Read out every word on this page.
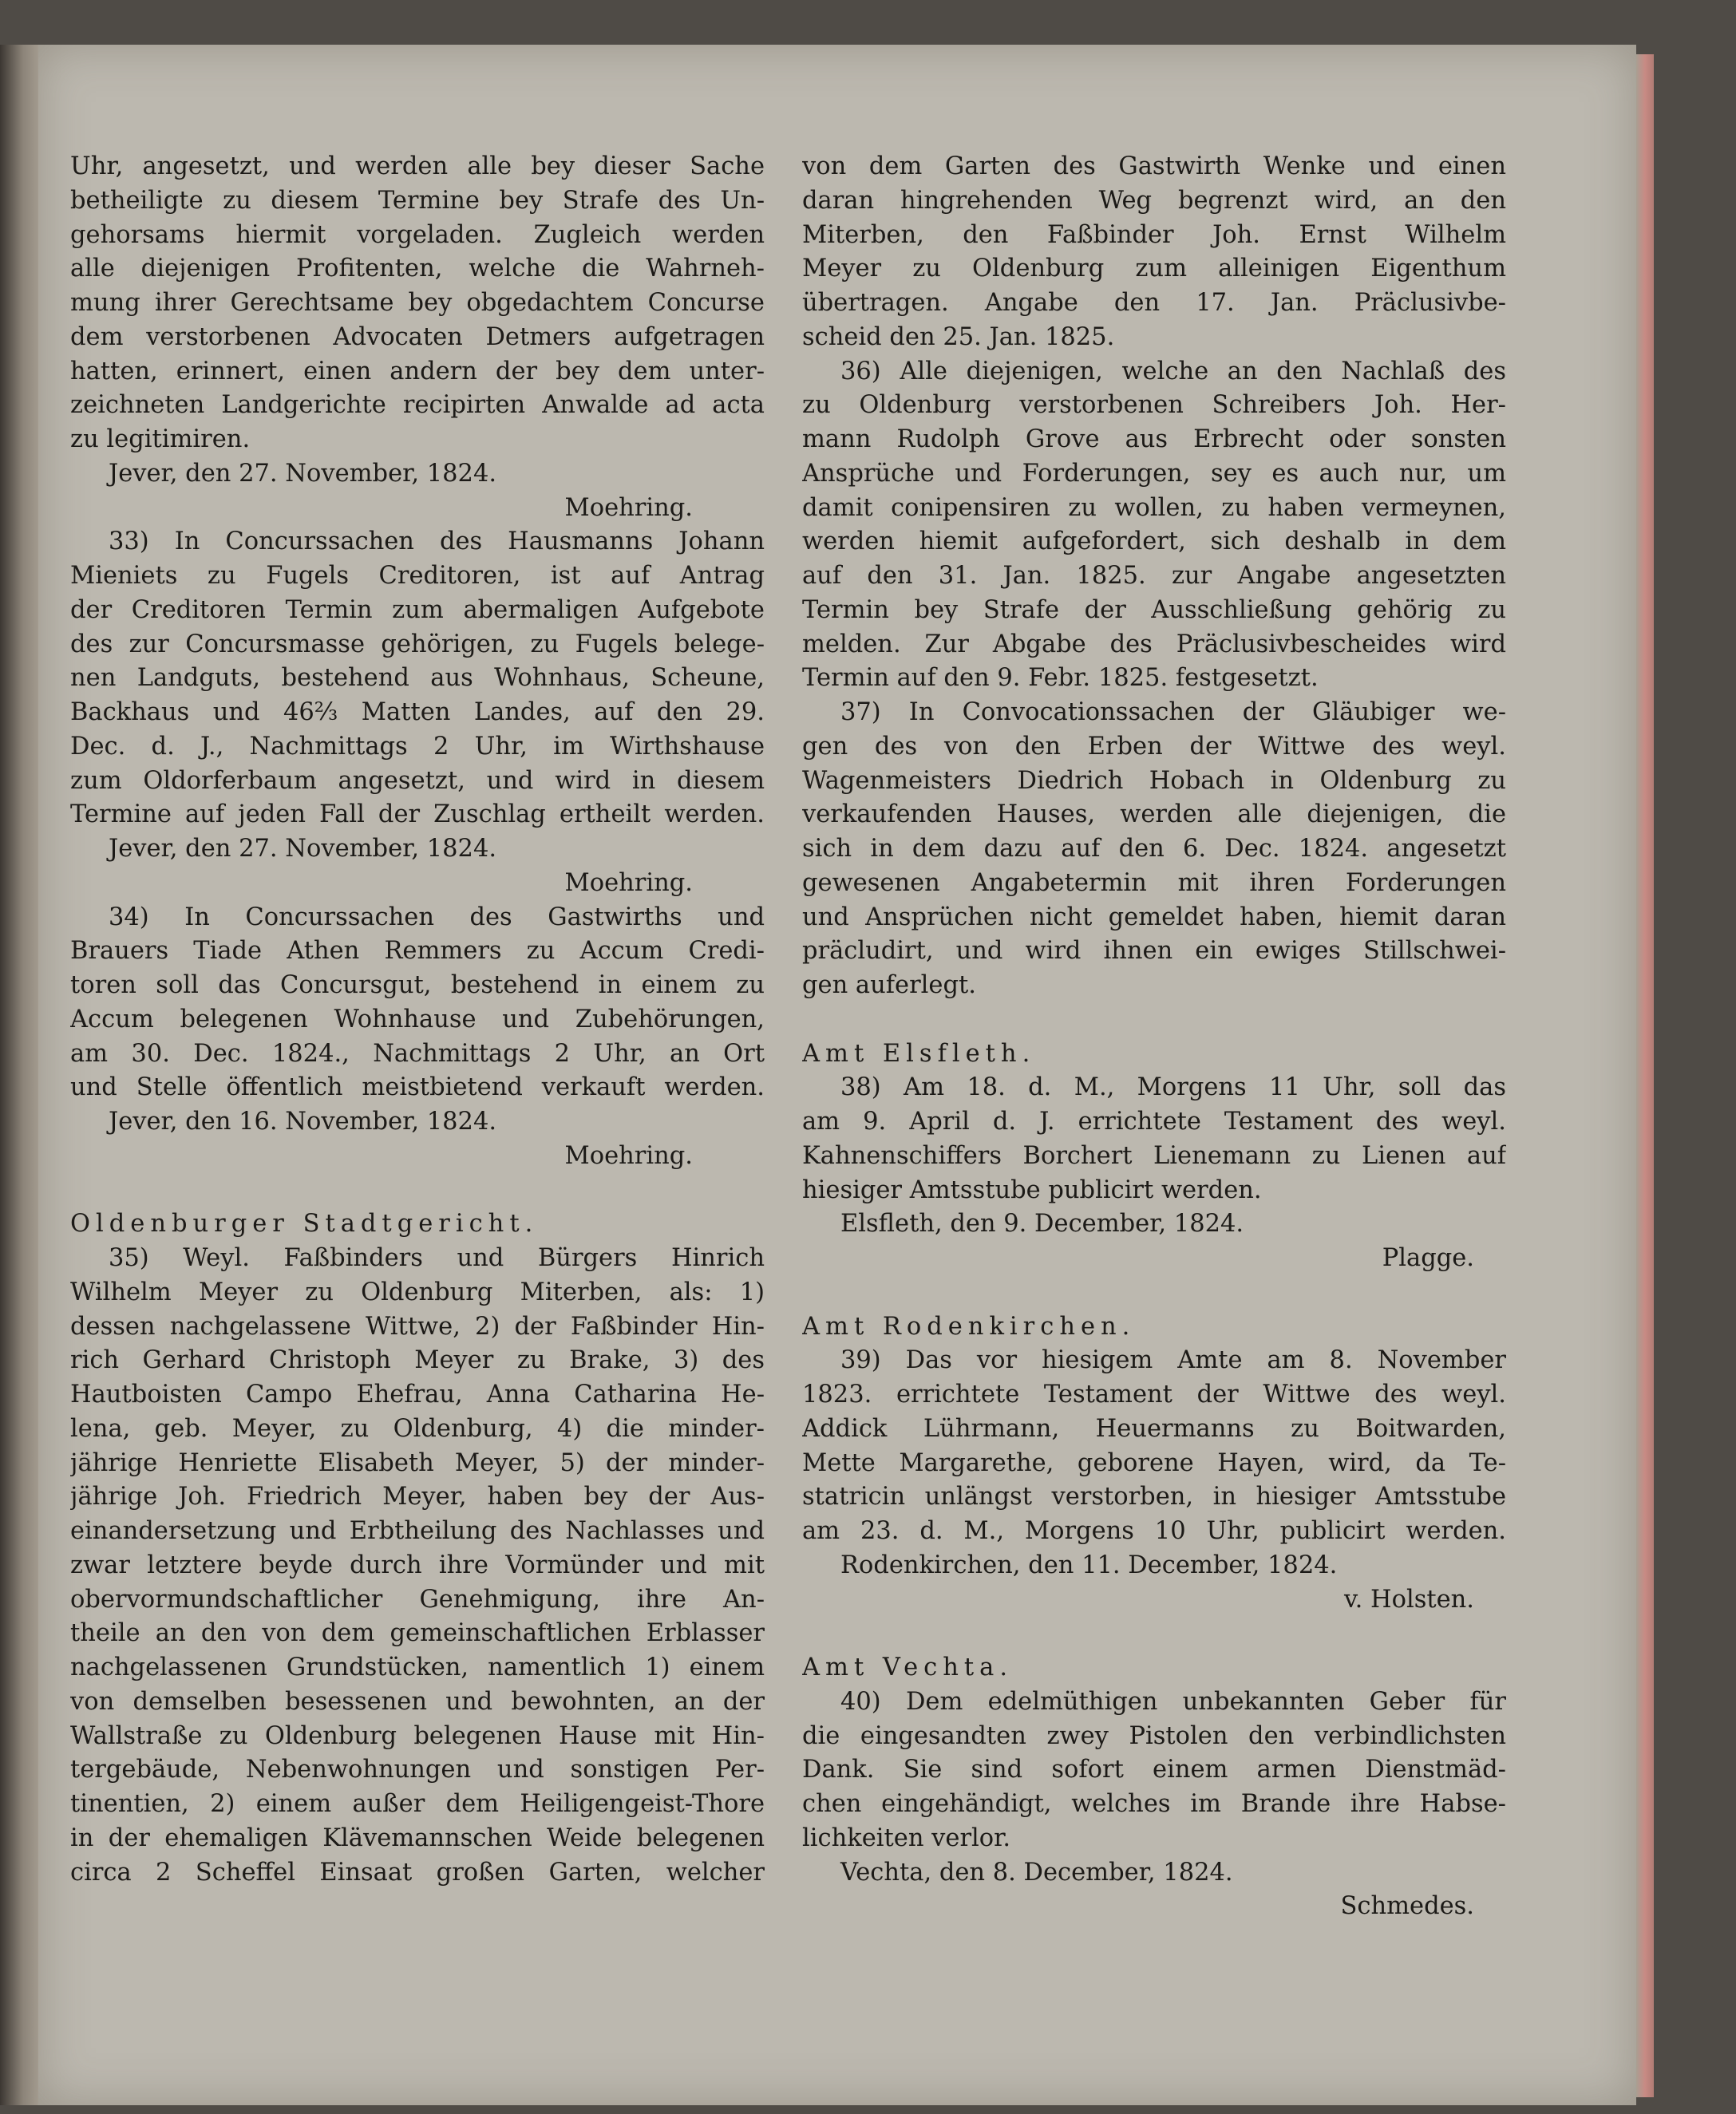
Uhr, angesetzt, und werden alle bey dieser Sache
betheiligte zu diesem Termine bey Strafe des Un-
gehorsams hiermit vorgeladen. Zugleich werden
alle diejenigen Profitenten, welche die Wahrneh-
mung ihrer Gerechtsame bey obgedachtem Concurse
dem verstorbenen Advocaten Detmers aufgetragen
hatten, erinnert, einen andern der bey dem unter-
zeichneten Landgerichte recipirten Anwalde ad acta
zu legitimiren.
Jever, den 27. November, 1824.
Moehring.
33) In Concurssachen des Hausmanns Johann
Mieniets zu Fugels Creditoren, ist auf Antrag
der Creditoren Termin zum abermaligen Aufgebote
des zur Concursmasse gehörigen, zu Fugels belege-
nen Landguts, bestehend aus Wohnhaus, Scheune,
Backhaus und 46⅔ Matten Landes, auf den 29.
Dec. d. J., Nachmittags 2 Uhr, im Wirthshause
zum Oldorferbaum angesetzt, und wird in diesem
Termine auf jeden Fall der Zuschlag ertheilt werden.
Jever, den 27. November, 1824.
Moehring.
34) In Concurssachen des Gastwirths und
Brauers Tiade Athen Remmers zu Accum Credi-
toren soll das Concursgut, bestehend in einem zu
Accum belegenen Wohnhause und Zubehörungen,
am 30. Dec. 1824., Nachmittags 2 Uhr, an Ort
und Stelle öffentlich meistbietend verkauft werden.
Jever, den 16. November, 1824.
Moehring.
Oldenburger Stadtgericht.
35) Weyl. Faßbinders und Bürgers Hinrich
Wilhelm Meyer zu Oldenburg Miterben, als: 1)
dessen nachgelassene Wittwe, 2) der Faßbinder Hin-
rich Gerhard Christoph Meyer zu Brake, 3) des
Hautboisten Campo Ehefrau, Anna Catharina He-
lena, geb. Meyer, zu Oldenburg, 4) die minder-
jährige Henriette Elisabeth Meyer, 5) der minder-
jährige Joh. Friedrich Meyer, haben bey der Aus-
einandersetzung und Erbtheilung des Nachlasses und
zwar letztere beyde durch ihre Vormünder und mit
obervormundschaftlicher Genehmigung, ihre An-
theile an den von dem gemeinschaftlichen Erblasser
nachgelassenen Grundstücken, namentlich 1) einem
von demselben besessenen und bewohnten, an der
Wallstraße zu Oldenburg belegenen Hause mit Hin-
tergebäude, Nebenwohnungen und sonstigen Per-
tinentien, 2) einem außer dem Heiligengeist-Thore
in der ehemaligen Klävemannschen Weide belegenen
circa 2 Scheffel Einsaat großen Garten, welcher
von dem Garten des Gastwirth Wenke und einen
daran hingrehenden Weg begrenzt wird, an den
Miterben, den Faßbinder Joh. Ernst Wilhelm
Meyer zu Oldenburg zum alleinigen Eigenthum
übertragen. Angabe den 17. Jan. Präclusivbe-
scheid den 25. Jan. 1825.
36) Alle diejenigen, welche an den Nachlaß des
zu Oldenburg verstorbenen Schreibers Joh. Her-
mann Rudolph Grove aus Erbrecht oder sonsten
Ansprüche und Forderungen, sey es auch nur, um
damit conipensiren zu wollen, zu haben vermeynen,
werden hiemit aufgefordert, sich deshalb in dem
auf den 31. Jan. 1825. zur Angabe angesetzten
Termin bey Strafe der Ausschließung gehörig zu
melden. Zur Abgabe des Präclusivbescheides wird
Termin auf den 9. Febr. 1825. festgesetzt.
37) In Convocationssachen der Gläubiger we-
gen des von den Erben der Wittwe des weyl.
Wagenmeisters Diedrich Hobach in Oldenburg zu
verkaufenden Hauses, werden alle diejenigen, die
sich in dem dazu auf den 6. Dec. 1824. angesetzt
gewesenen Angabetermin mit ihren Forderungen
und Ansprüchen nicht gemeldet haben, hiemit daran
präcludirt, und wird ihnen ein ewiges Stillschwei-
gen auferlegt.
Amt Elsfleth.
38) Am 18. d. M., Morgens 11 Uhr, soll das
am 9. April d. J. errichtete Testament des weyl.
Kahnenschiffers Borchert Lienemann zu Lienen auf
hiesiger Amtsstube publicirt werden.
Elsfleth, den 9. December, 1824.
Plagge.
Amt Rodenkirchen.
39) Das vor hiesigem Amte am 8. November
1823. errichtete Testament der Wittwe des weyl.
Addick Lührmann, Heuermanns zu Boitwarden,
Mette Margarethe, geborene Hayen, wird, da Te-
statricin unlängst verstorben, in hiesiger Amtsstube
am 23. d. M., Morgens 10 Uhr, publicirt werden.
Rodenkirchen, den 11. December, 1824.
v. Holsten.
Amt Vechta.
40) Dem edelmüthigen unbekannten Geber für
die eingesandten zwey Pistolen den verbindlichsten
Dank. Sie sind sofort einem armen Dienstmäd-
chen eingehändigt, welches im Brande ihre Habse-
lichkeiten verlor.
Vechta, den 8. December, 1824.
Schmedes.
